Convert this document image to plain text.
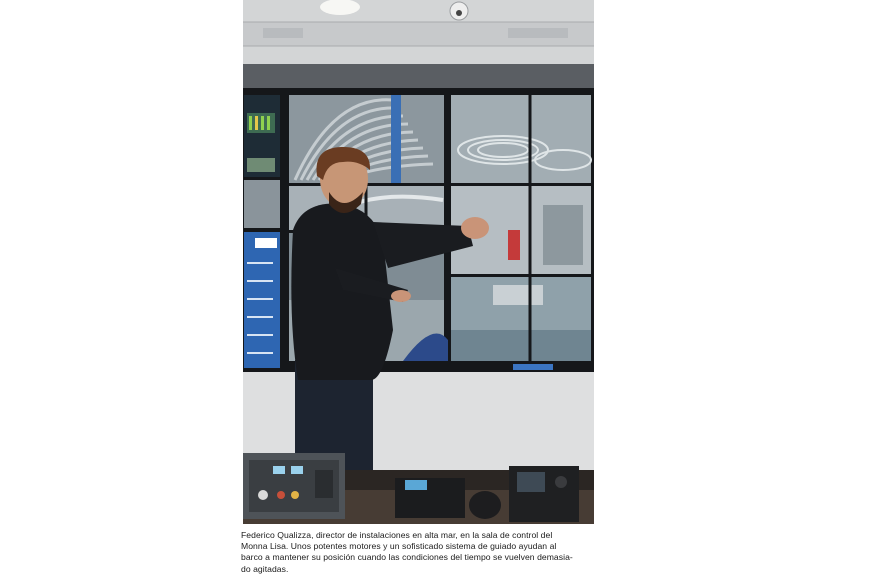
Federico Qualizza, director de instalaciones en alta mar, en la sala de control del
Monna Lisa. Unos potentes motores y un sofisticado sistema de guiado ayudan al
barco a mantener su posición cuando las condiciones del tiempo se vuelven demasia-
do agitadas.
